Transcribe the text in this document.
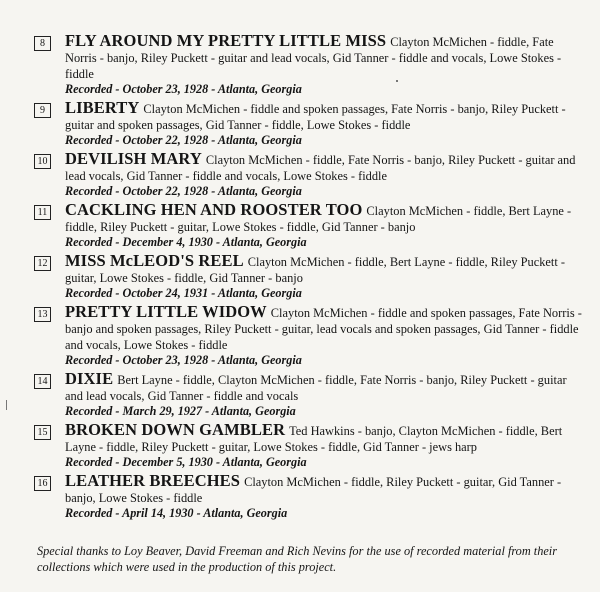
8	FLY AROUND MY PRETTY LITTLE MISS Clayton McMichen - fiddle, Fate Norris - banjo, Riley Puckett - guitar and lead vocals, Gid Tanner - fiddle and vocals, Lowe Stokes - fiddle
Recorded - October 23, 1928 - Atlanta, Georgia
9	LIBERTY Clayton McMichen - fiddle and spoken passages, Fate Norris - banjo, Riley Puckett - guitar and spoken passages, Gid Tanner - fiddle, Lowe Stokes - fiddle
Recorded - October 22, 1928 - Atlanta, Georgia
10 DEVILISH MARY Clayton McMichen - fiddle, Fate Norris - banjo, Riley Puckett - guitar and lead vocals, Gid Tanner - fiddle and vocals, Lowe Stokes - fiddle
Recorded - October 22, 1928 - Atlanta, Georgia
11 CACKLING HEN AND ROOSTER TOO Clayton McMichen - fiddle, Bert Layne - fiddle, Riley Puckett - guitar, Lowe Stokes - fiddle, Gid Tanner - banjo
Recorded - December 4, 1930 - Atlanta, Georgia
12 MISS McLEOD'S REEL Clayton McMichen - fiddle, Bert Layne - fiddle, Riley Puckett - guitar, Lowe Stokes - fiddle, Gid Tanner - banjo
Recorded - October 24, 1931 - Atlanta, Georgia
13 PRETTY LITTLE WIDOW Clayton McMichen - fiddle and spoken passages, Fate Norris - banjo and spoken passages, Riley Puckett - guitar, lead vocals and spoken passages, Gid Tanner - fiddle and vocals, Lowe Stokes - fiddle
Recorded - October 23, 1928 - Atlanta, Georgia
14 DIXIE Bert Layne - fiddle, Clayton McMichen - fiddle, Fate Norris - banjo, Riley Puckett - guitar and lead vocals, Gid Tanner - fiddle and vocals
Recorded - March 29, 1927 - Atlanta, Georgia
15 BROKEN DOWN GAMBLER Ted Hawkins - banjo, Clayton McMichen - fiddle, Bert Layne - fiddle, Riley Puckett - guitar, Lowe Stokes - fiddle, Gid Tanner - jews harp
Recorded - December 5, 1930 - Atlanta, Georgia
16 LEATHER BREECHES Clayton McMichen - fiddle, Riley Puckett - guitar, Gid Tanner - banjo, Lowe Stokes - fiddle
Recorded - April 14, 1930 - Atlanta, Georgia
Special thanks to Loy Beaver, David Freeman and Rich Nevins for the use of recorded material from their collections which were used in the production of this project.
